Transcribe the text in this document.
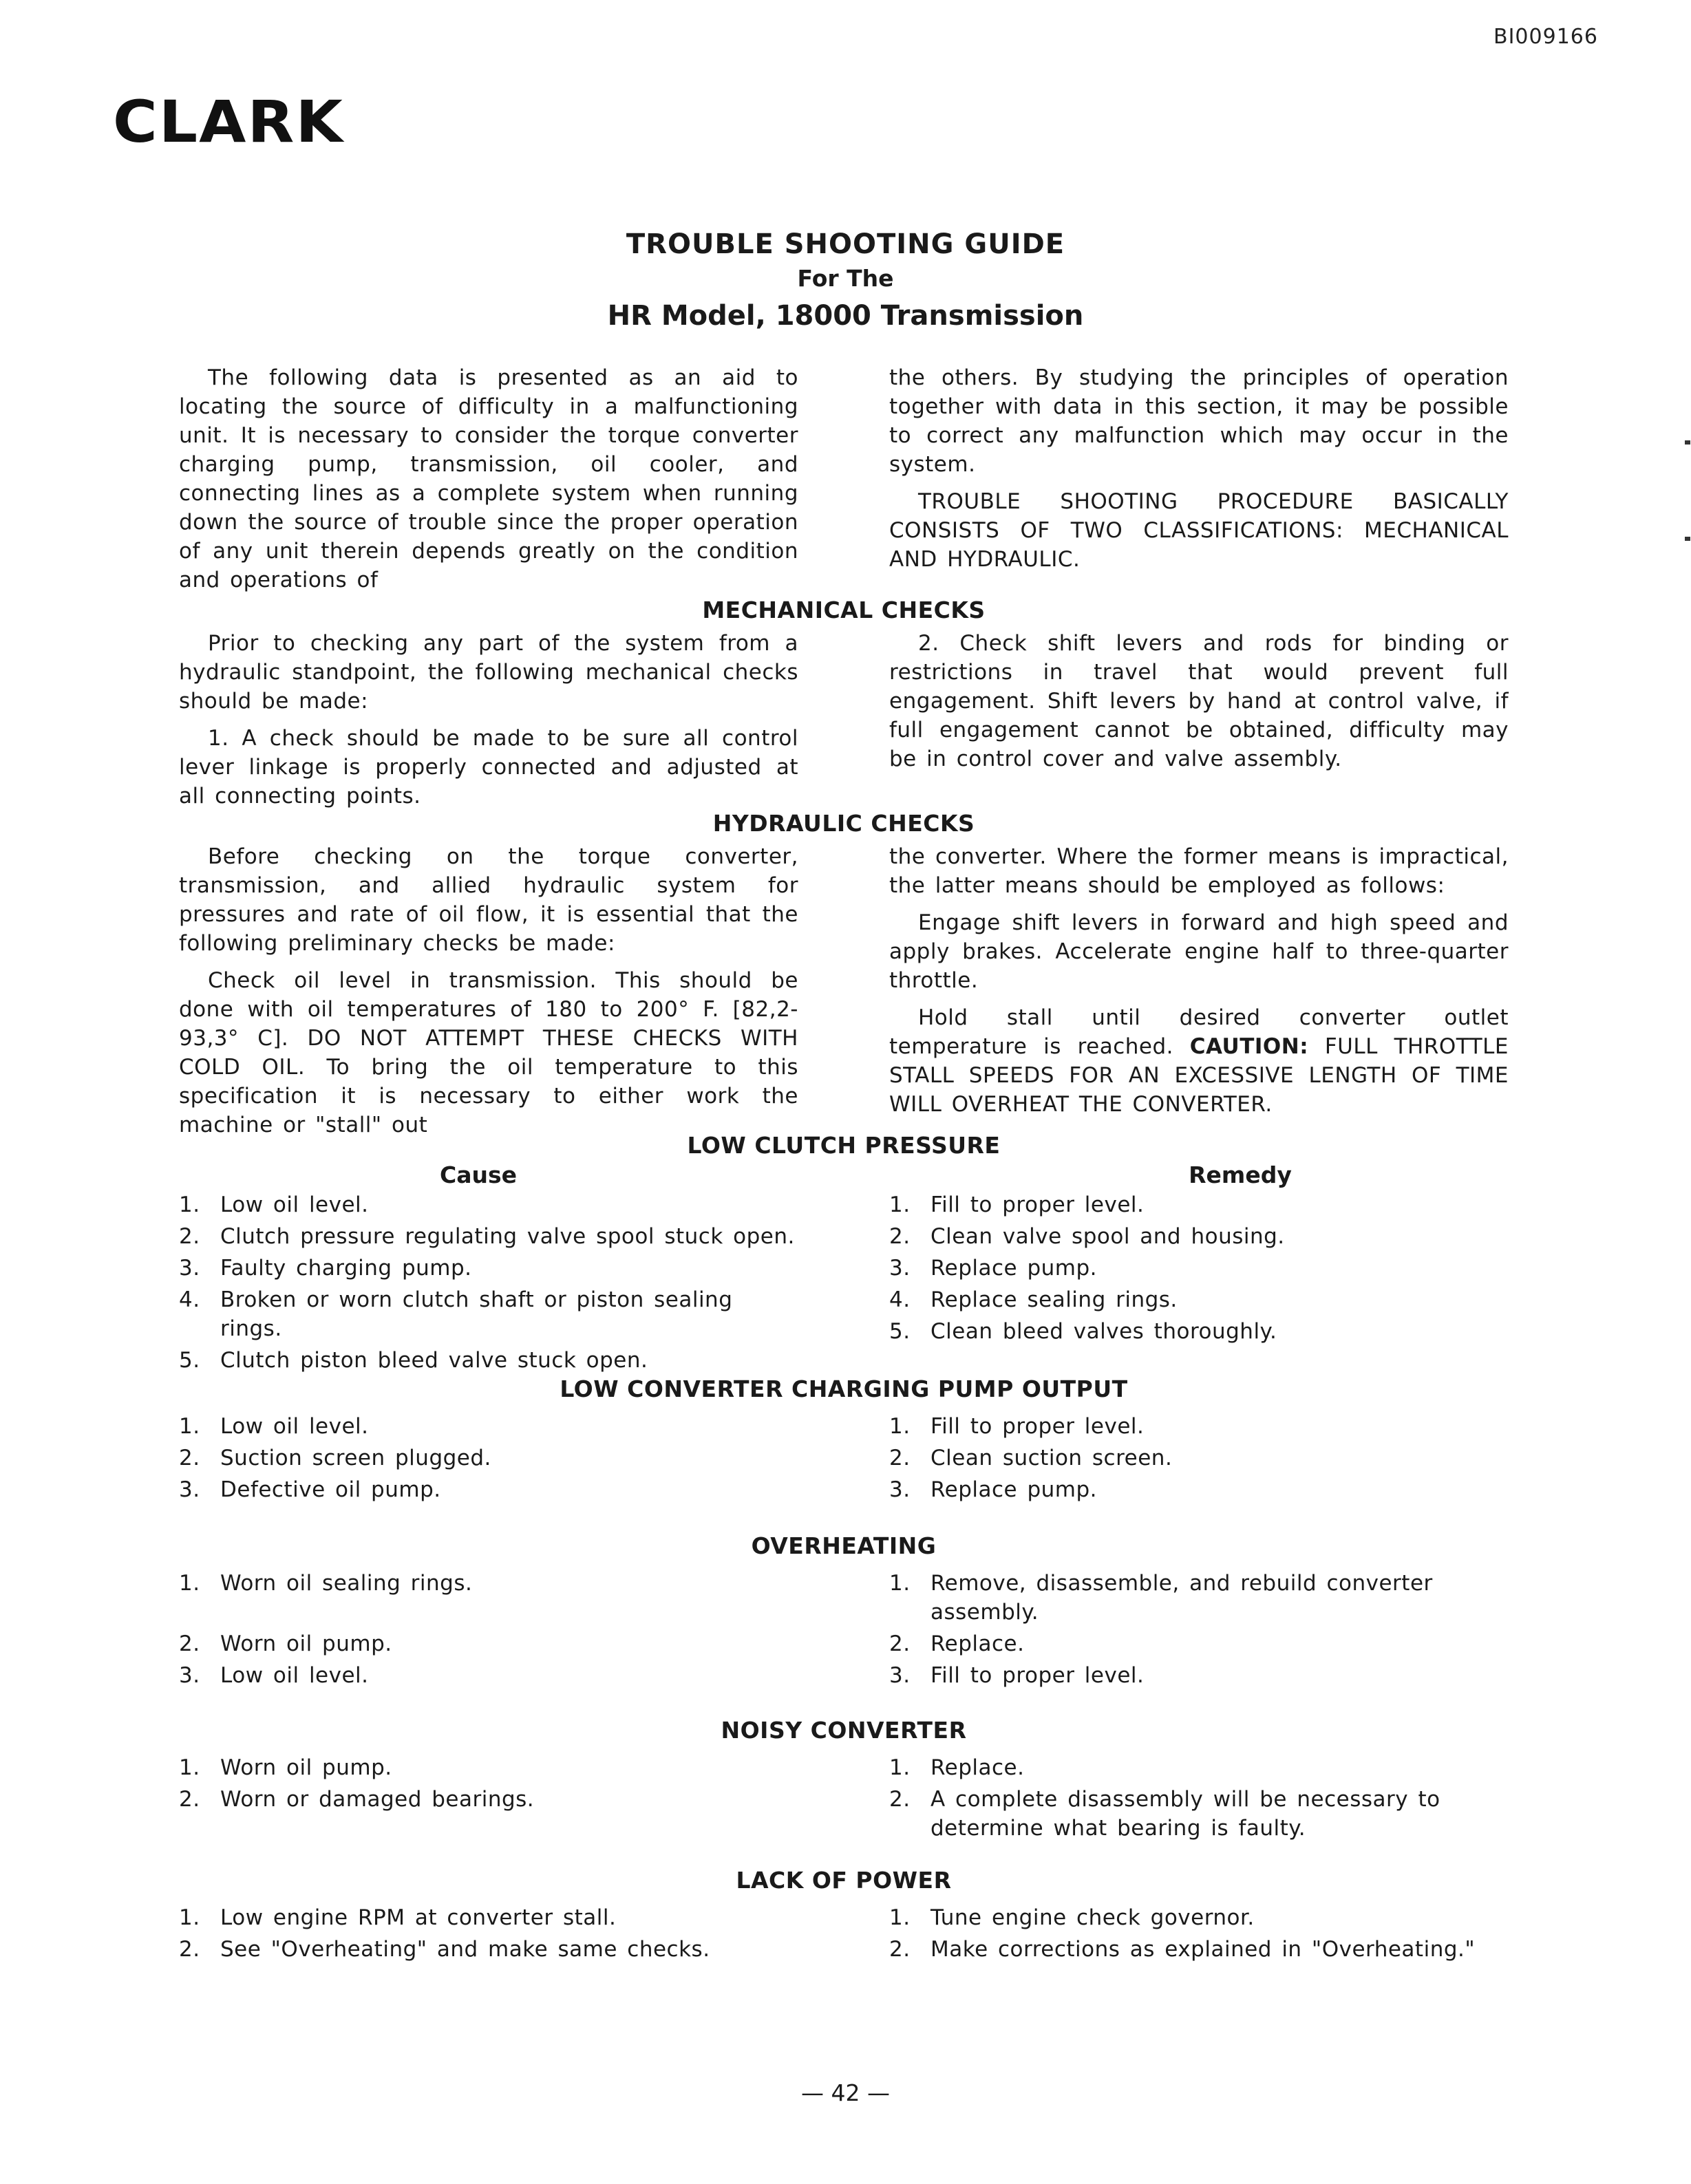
BI009166
CLARK
TROUBLE SHOOTING GUIDE
For The
HR Model, 18000 Transmission

The following data is presented as an aid to locating the source of difficulty in a malfunctioning unit. It is necessary to consider the torque converter charging pump, transmission, oil cooler, and connecting lines as a complete system when running down the source of trouble since the proper operation of any unit therein depends greatly on the condition and operations of

the others. By studying the principles of operation together with data in this section, it may be possible to correct any malfunction which may occur in the system.

TROUBLE SHOOTING PROCEDURE BASICALLY CONSISTS OF TWO CLASSIFICATIONS: MECHANICAL AND HYDRAULIC.

MECHANICAL CHECKS

Prior to checking any part of the system from a hydraulic standpoint, the following mechanical checks should be made:

1. A check should be made to be sure all control lever linkage is properly connected and adjusted at all connecting points.

2. Check shift levers and rods for binding or restrictions in travel that would prevent full engagement. Shift levers by hand at control valve, if full engagement cannot be obtained, difficulty may be in control cover and valve assembly.

HYDRAULIC CHECKS

Before checking on the torque converter, transmission, and allied hydraulic system for pressures and rate of oil flow, it is essential that the following preliminary checks be made:

Check oil level in transmission. This should be done with oil temperatures of 180 to 200° F. [82,2-93,3° C]. DO NOT ATTEMPT THESE CHECKS WITH COLD OIL. To bring the oil temperature to this specification it is necessary to either work the machine or "stall" out

the converter. Where the former means is impractical, the latter means should be employed as follows:

Engage shift levers in forward and high speed and apply brakes. Accelerate engine half to three-quarter throttle.

Hold stall until desired converter outlet temperature is reached. CAUTION: FULL THROTTLE STALL SPEEDS FOR AN EXCESSIVE LENGTH OF TIME WILL OVERHEAT THE CONVERTER.

LOW CLUTCH PRESSURE
Cause
1. Low oil level.
2. Clutch pressure regulating valve spool stuck open.
3. Faulty charging pump.
4. Broken or worn clutch shaft or piston sealing rings.
5. Clutch piston bleed valve stuck open.
Remedy
1. Fill to proper level.
2. Clean valve spool and housing.
3. Replace pump.
4. Replace sealing rings.
5. Clean bleed valves thoroughly.
LOW CONVERTER CHARGING PUMP OUTPUT
1. Low oil level.
2. Suction screen plugged.
3. Defective oil pump.
1. Fill to proper level.
2. Clean suction screen.
3. Replace pump.
OVERHEATING
1. Worn oil sealing rings.
2. Worn oil pump.
3. Low oil level.
1. Remove, disassemble, and rebuild converter assembly.
2. Replace.
3. Fill to proper level.
NOISY CONVERTER
1. Worn oil pump.
2. Worn or damaged bearings.
1. Replace.
2. A complete disassembly will be necessary to determine what bearing is faulty.
LACK OF POWER
1. Low engine RPM at converter stall.
2. See "Overheating" and make same checks.
1. Tune engine check governor.
2. Make corrections as explained in "Overheating."
— 42 —
